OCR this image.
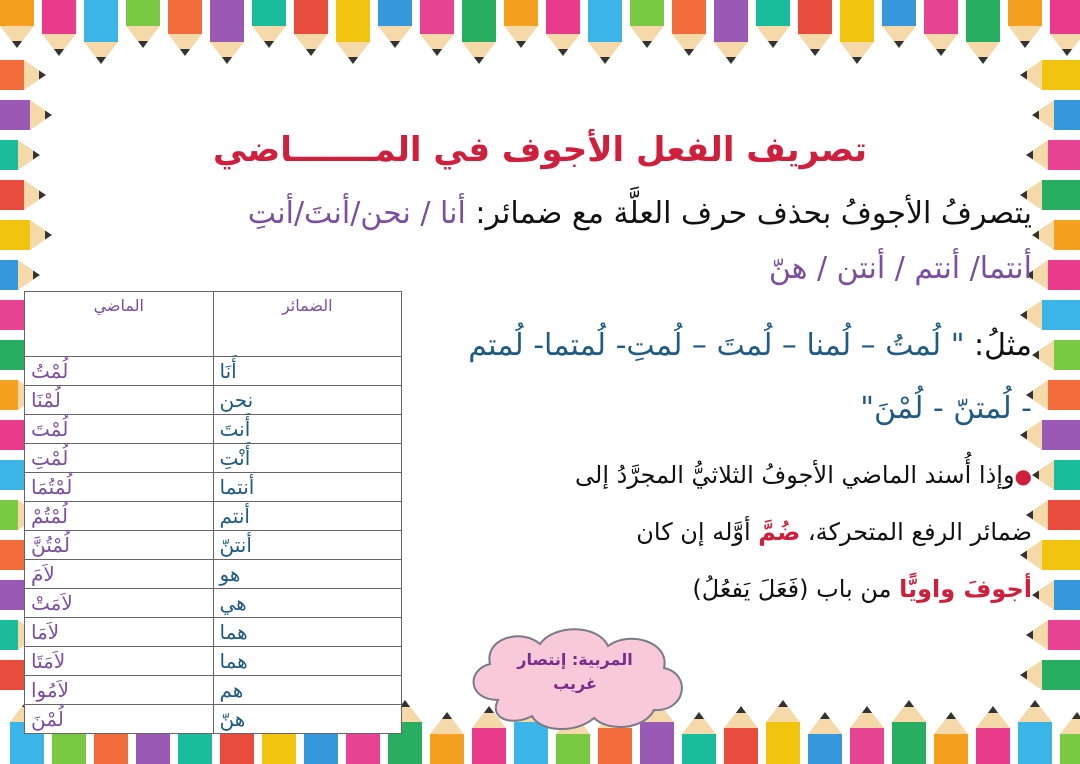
تصريف الفعل الأجوف في المـــــــاضي
يتصرفُ الأجوفُ بحذف حرف العلَّة مع ضمائر: أنا / نحن/أنتَ/أنتِ
أنتما/ أنتم / أنتن / هنّ
مثلُ: " لُمتُ – لُمنا – لُمتَ – لُمتِ- لُمتما- لُمتم
- لُمتنّ - لُمْنَ"
●وإذا أُسند الماضي الأجوفُ الثلاثيُّ المجرَّدُ إلى
ضمائر الرفع المتحركة، ضُمَّ أوَّله إن كان
أجوفَ واويًّا من باب (فَعَلَ يَفعُلُ)
الضمائر	الماضي
أَنَا	لُمْتُ
نحن	لُمْنَا
أَنتَ	لُمْتَ
أَنْتِ	لُمْتِ
أنتما	لُمْتُمَا
أنتم	لُمْتُمْ
أنتنّ	لُمْتُنَّ
هو	لاَمَ
هي	لاَمَتْ
هما	لاَمَا
هما	لاَمَتَا
هم	لاَمُوا
هنّ	لُمْنَ
المربية: إنتصار
غريب
